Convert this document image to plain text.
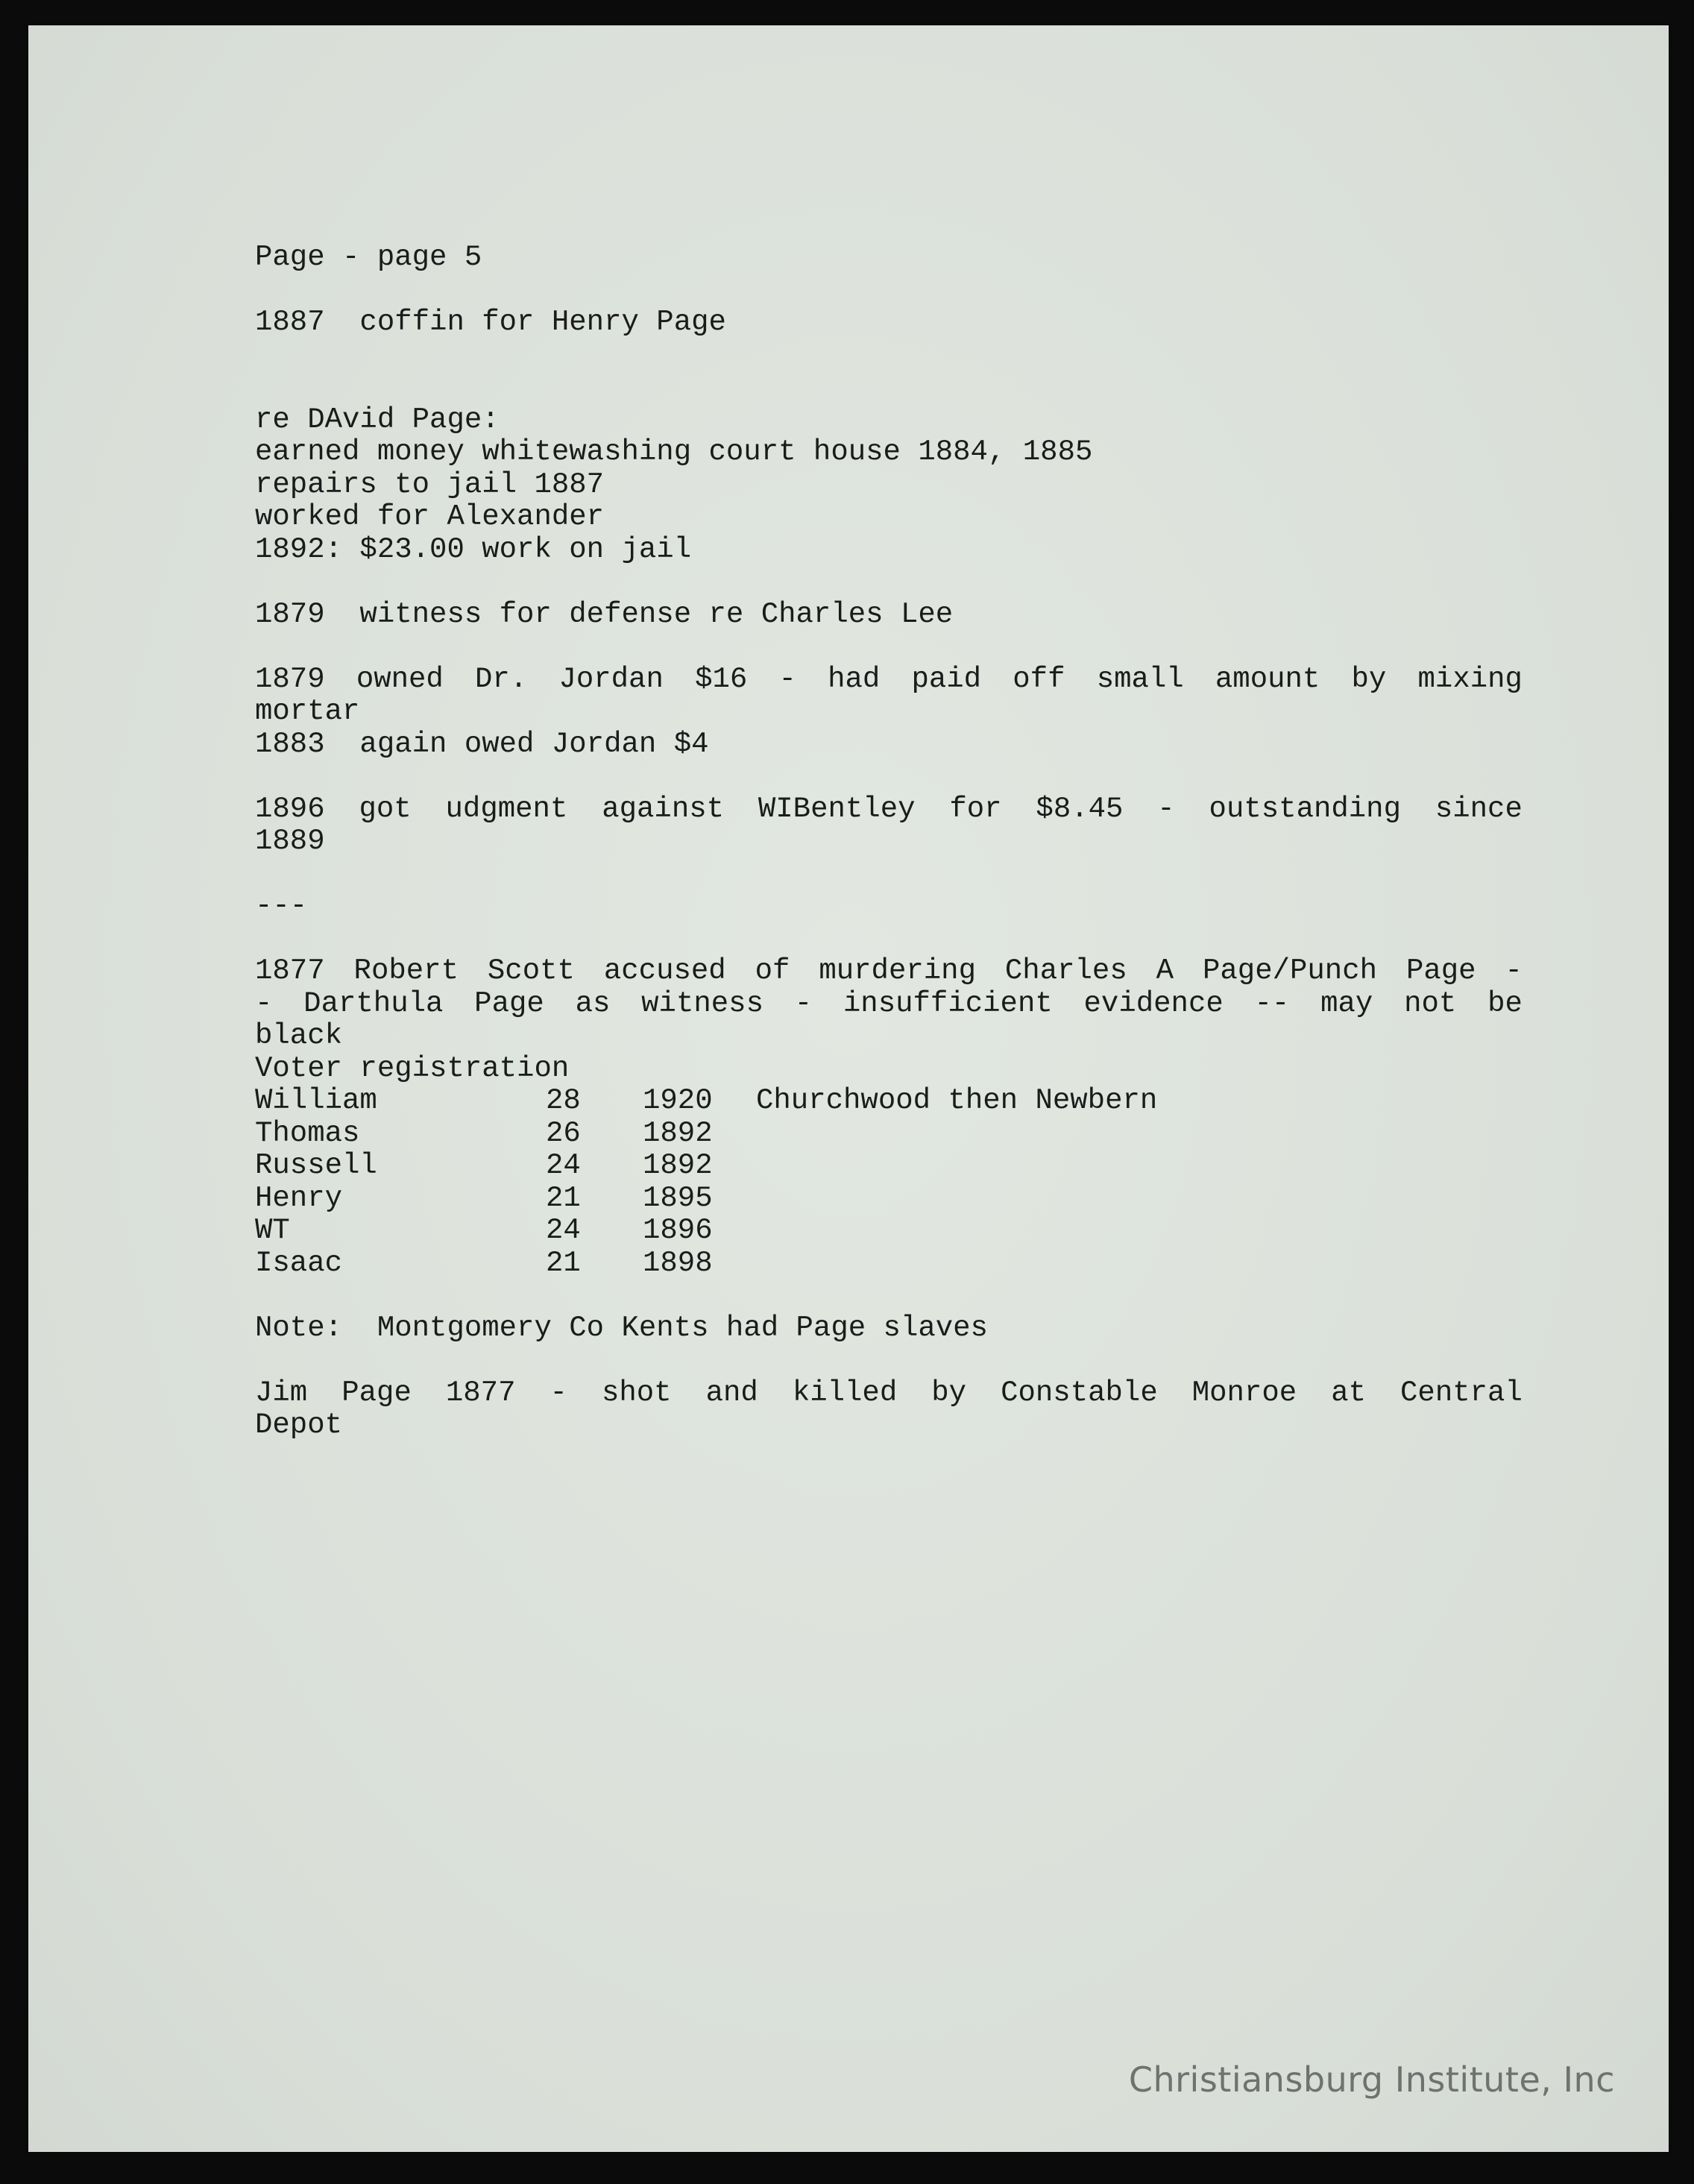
Page - page 5
1887  coffin for Henry Page
re DAvid Page:
earned money whitewashing court house 1884, 1885
repairs to jail 1887
worked for Alexander
1892: $23.00 work on jail
1879  witness for defense re Charles Lee
1879 owned Dr. Jordan $16 - had paid off small amount by mixing
mortar
1883  again owed Jordan $4
1896 got udgment against WIBentley for $8.45 - outstanding since
1889
---
1877 Robert Scott accused of murdering Charles A Page/Punch Page -
- Darthula Page as witness - insufficient evidence -- may not be
black
Voter registration
William	28	1920	Churchwood then Newbern
Thomas	26	1892
Russell	24	1892
Henry	21	1895
WT	24	1896
Isaac	21	1898
Note:  Montgomery Co Kents had Page slaves
Jim Page 1877 - shot and killed by Constable Monroe at Central
Depot
Christiansburg Institute, Inc
